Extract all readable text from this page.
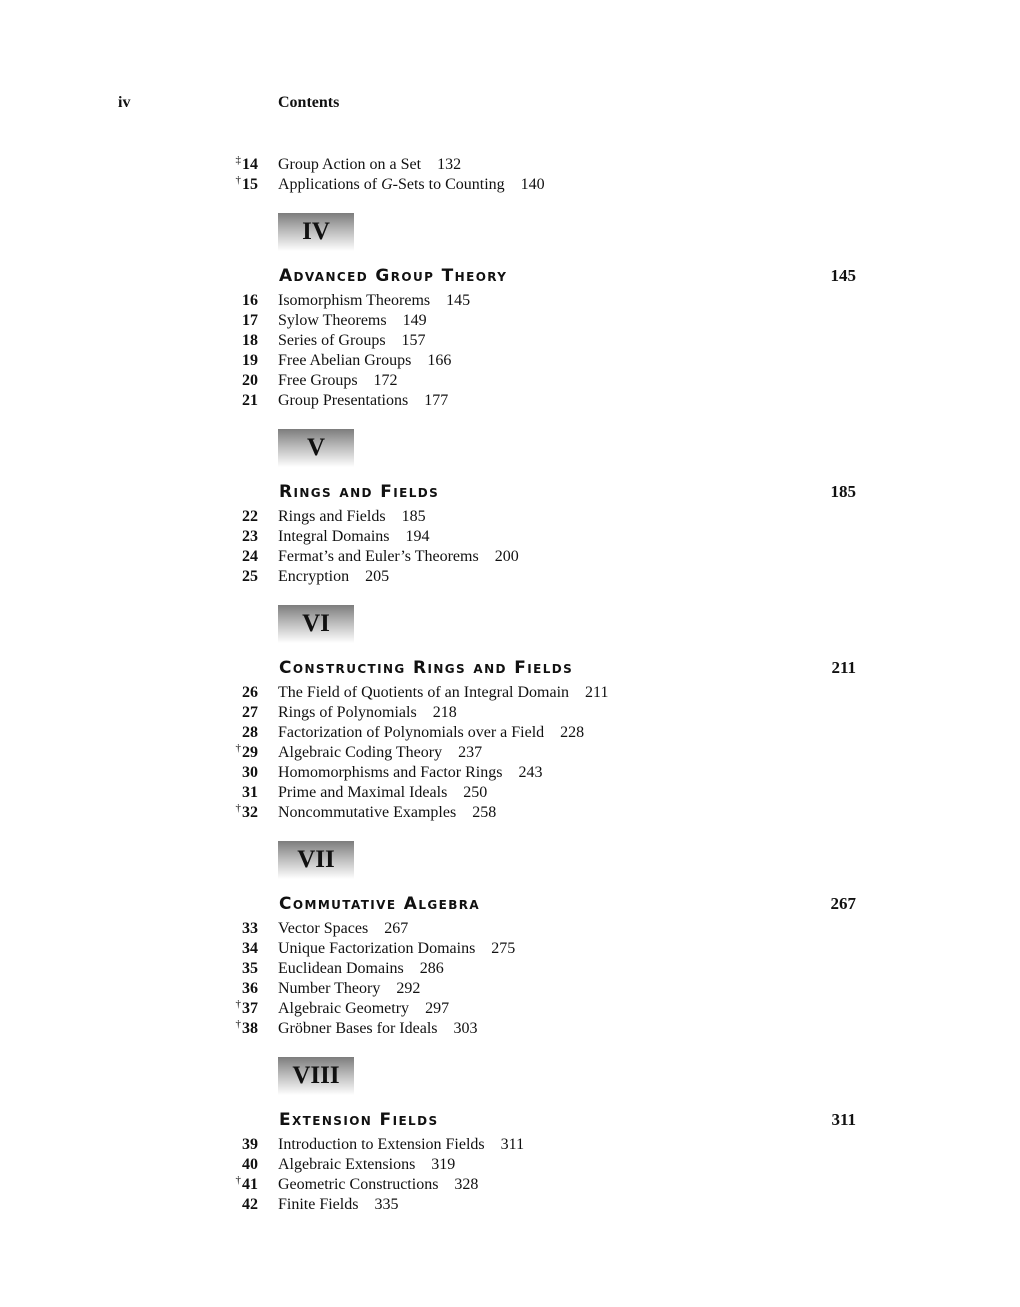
iv	Contents
‡14 Group Action on a Set 132
†15 Applications of G-Sets to Counting 140
IV
Advanced Group Theory	145
16 Isomorphism Theorems 145
17 Sylow Theorems 149
18 Series of Groups 157
19 Free Abelian Groups 166
20 Free Groups 172
21 Group Presentations 177
V
Rings and Fields	185
22 Rings and Fields 185
23 Integral Domains 194
24 Fermat’s and Euler’s Theorems 200
25 Encryption 205
VI
Constructing Rings and Fields	211
26 The Field of Quotients of an Integral Domain 211
27 Rings of Polynomials 218
28 Factorization of Polynomials over a Field 228
†29 Algebraic Coding Theory 237
30 Homomorphisms and Factor Rings 243
31 Prime and Maximal Ideals 250
†32 Noncommutative Examples 258
VII
Commutative Algebra	267
33 Vector Spaces 267
34 Unique Factorization Domains 275
35 Euclidean Domains 286
36 Number Theory 292
†37 Algebraic Geometry 297
†38 Gröbner Bases for Ideals 303
VIII
Extension Fields	311
39 Introduction to Extension Fields 311
40 Algebraic Extensions 319
†41 Geometric Constructions 328
42 Finite Fields 335
